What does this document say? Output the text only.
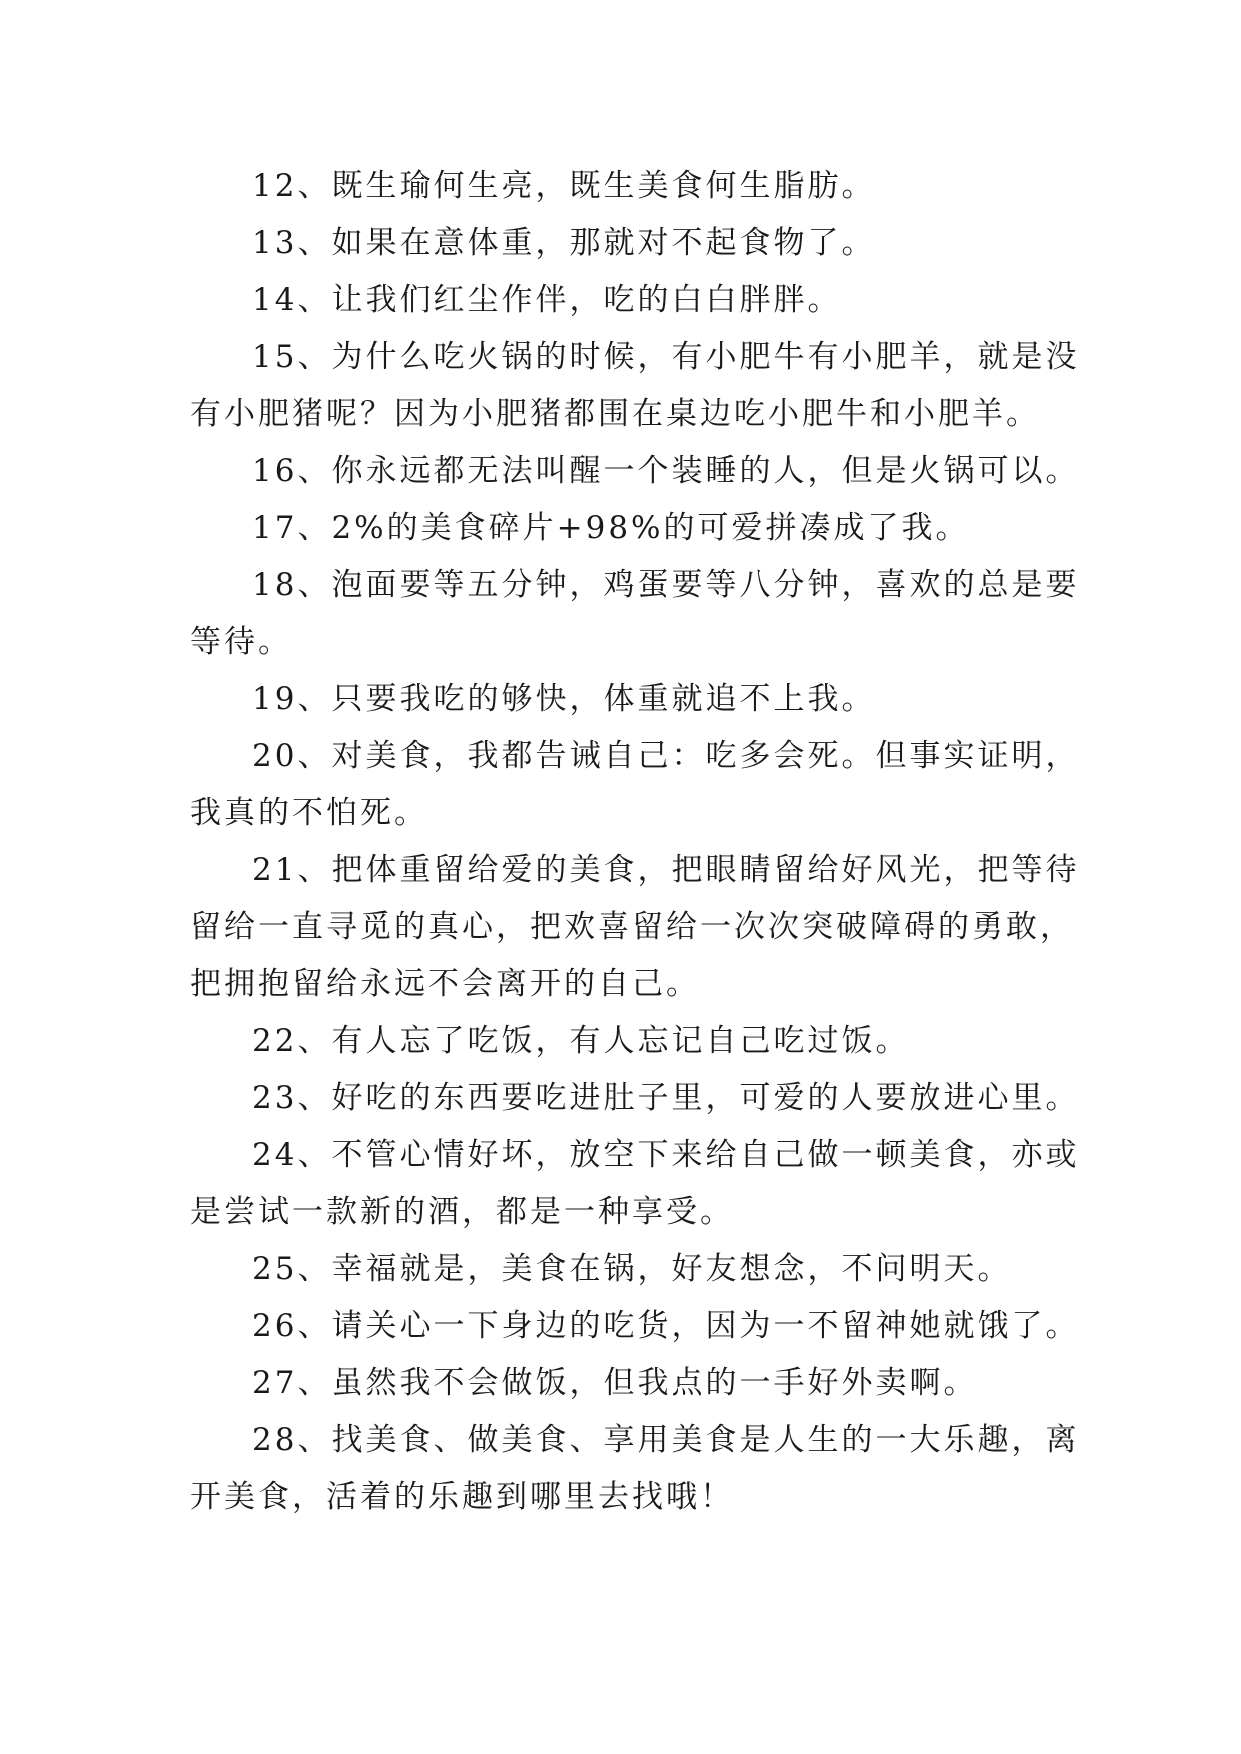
12、既生瑜何生亮，既生美食何生脂肪。

13、如果在意体重，那就对不起食物了。

14、让我们红尘作伴，吃的白白胖胖。

15、为什么吃火锅的时候，有小肥牛有小肥羊，就是没有小肥猪呢？因为小肥猪都围在桌边吃小肥牛和小肥羊。

16、你永远都无法叫醒一个装睡的人，但是火锅可以。

17、2%的美食碎片+98%的可爱拼凑成了我。

18、泡面要等五分钟，鸡蛋要等八分钟，喜欢的总是要等待。

19、只要我吃的够快，体重就追不上我。

20、对美食，我都告诫自己：吃多会死。但事实证明，我真的不怕死。

21、把体重留给爱的美食，把眼睛留给好风光，把等待留给一直寻觅的真心，把欢喜留给一次次突破障碍的勇敢，把拥抱留给永远不会离开的自己。

22、有人忘了吃饭，有人忘记自己吃过饭。

23、好吃的东西要吃进肚子里，可爱的人要放进心里。

24、不管心情好坏，放空下来给自己做一顿美食，亦或是尝试一款新的酒，都是一种享受。

25、幸福就是，美食在锅，好友想念，不问明天。

26、请关心一下身边的吃货，因为一不留神她就饿了。

27、虽然我不会做饭，但我点的一手好外卖啊。

28、找美食、做美食、享用美食是人生的一大乐趣，离开美食，活着的乐趣到哪里去找哦！
